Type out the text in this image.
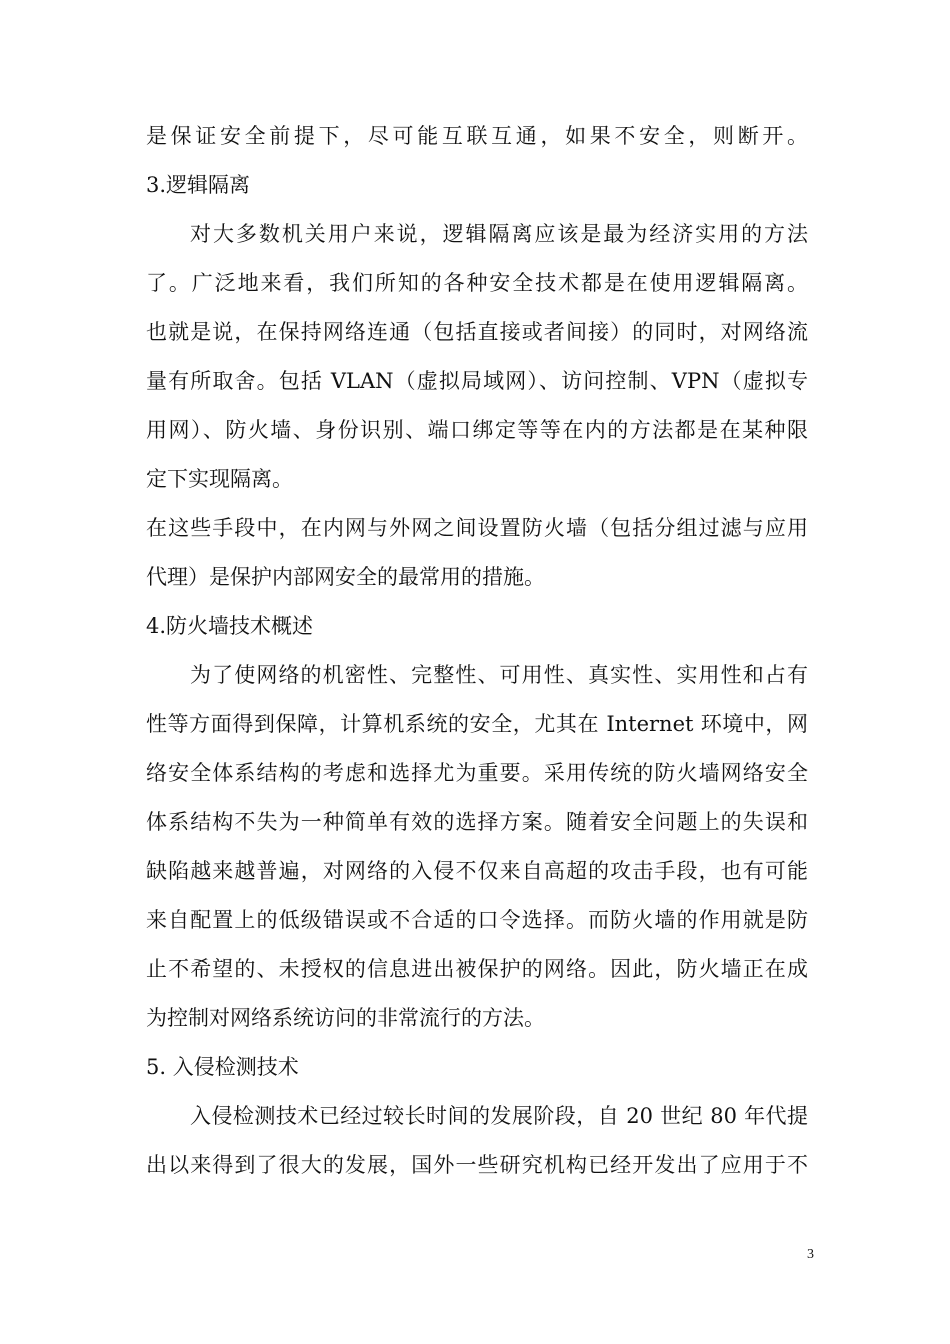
是保证安全前提下，尽可能互联互通，如果不安全，则断开。
3.逻辑隔离
对大多数机关用户来说，逻辑隔离应该是最为经济实用的方法
了。广泛地来看，我们所知的各种安全技术都是在使用逻辑隔离。
也就是说，在保持网络连通（包括直接或者间接）的同时，对网络流
量有所取舍。包括 VLAN（虚拟局域网）、访问控制、VPN（虚拟专
用网）、防火墙、身份识别、端口绑定等等在内的方法都是在某种限
定下实现隔离。
在这些手段中，在内网与外网之间设置防火墙（包括分组过滤与应用
代理）是保护内部网安全的最常用的措施。
4.防火墙技术概述
为了使网络的机密性、完整性、可用性、真实性、实用性和占有
性等方面得到保障，计算机系统的安全，尤其在 Internet 环境中，网
络安全体系结构的考虑和选择尤为重要。采用传统的防火墙网络安全
体系结构不失为一种简单有效的选择方案。随着安全问题上的失误和
缺陷越来越普遍，对网络的入侵不仅来自高超的攻击手段，也有可能
来自配置上的低级错误或不合适的口令选择。而防火墙的作用就是防
止不希望的、未授权的信息进出被保护的网络。因此，防火墙正在成
为控制对网络系统访问的非常流行的方法。
5. 入侵检测技术
入侵检测技术已经过较长时间的发展阶段，自 20 世纪 80 年代提
出以来得到了很大的发展，国外一些研究机构已经开发出了应用于不
3
